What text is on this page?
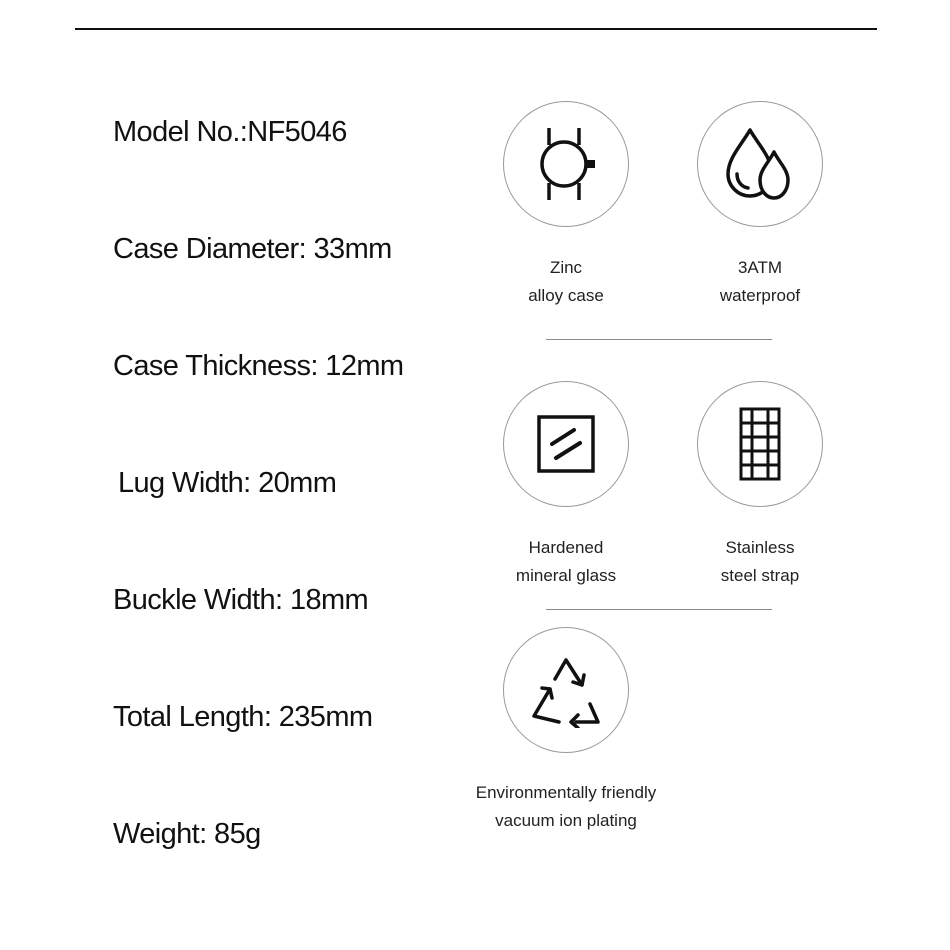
Model No.:NF5046
Case Diameter: 33mm
Case Thickness: 12mm
Lug Width: 20mm
Buckle Width: 18mm
Total Length: 235mm
Weight: 85g
Zinc
alloy case
3ATM
waterproof
Hardened
mineral glass
Stainless
steel strap
Environmentally friendly
vacuum ion plating
